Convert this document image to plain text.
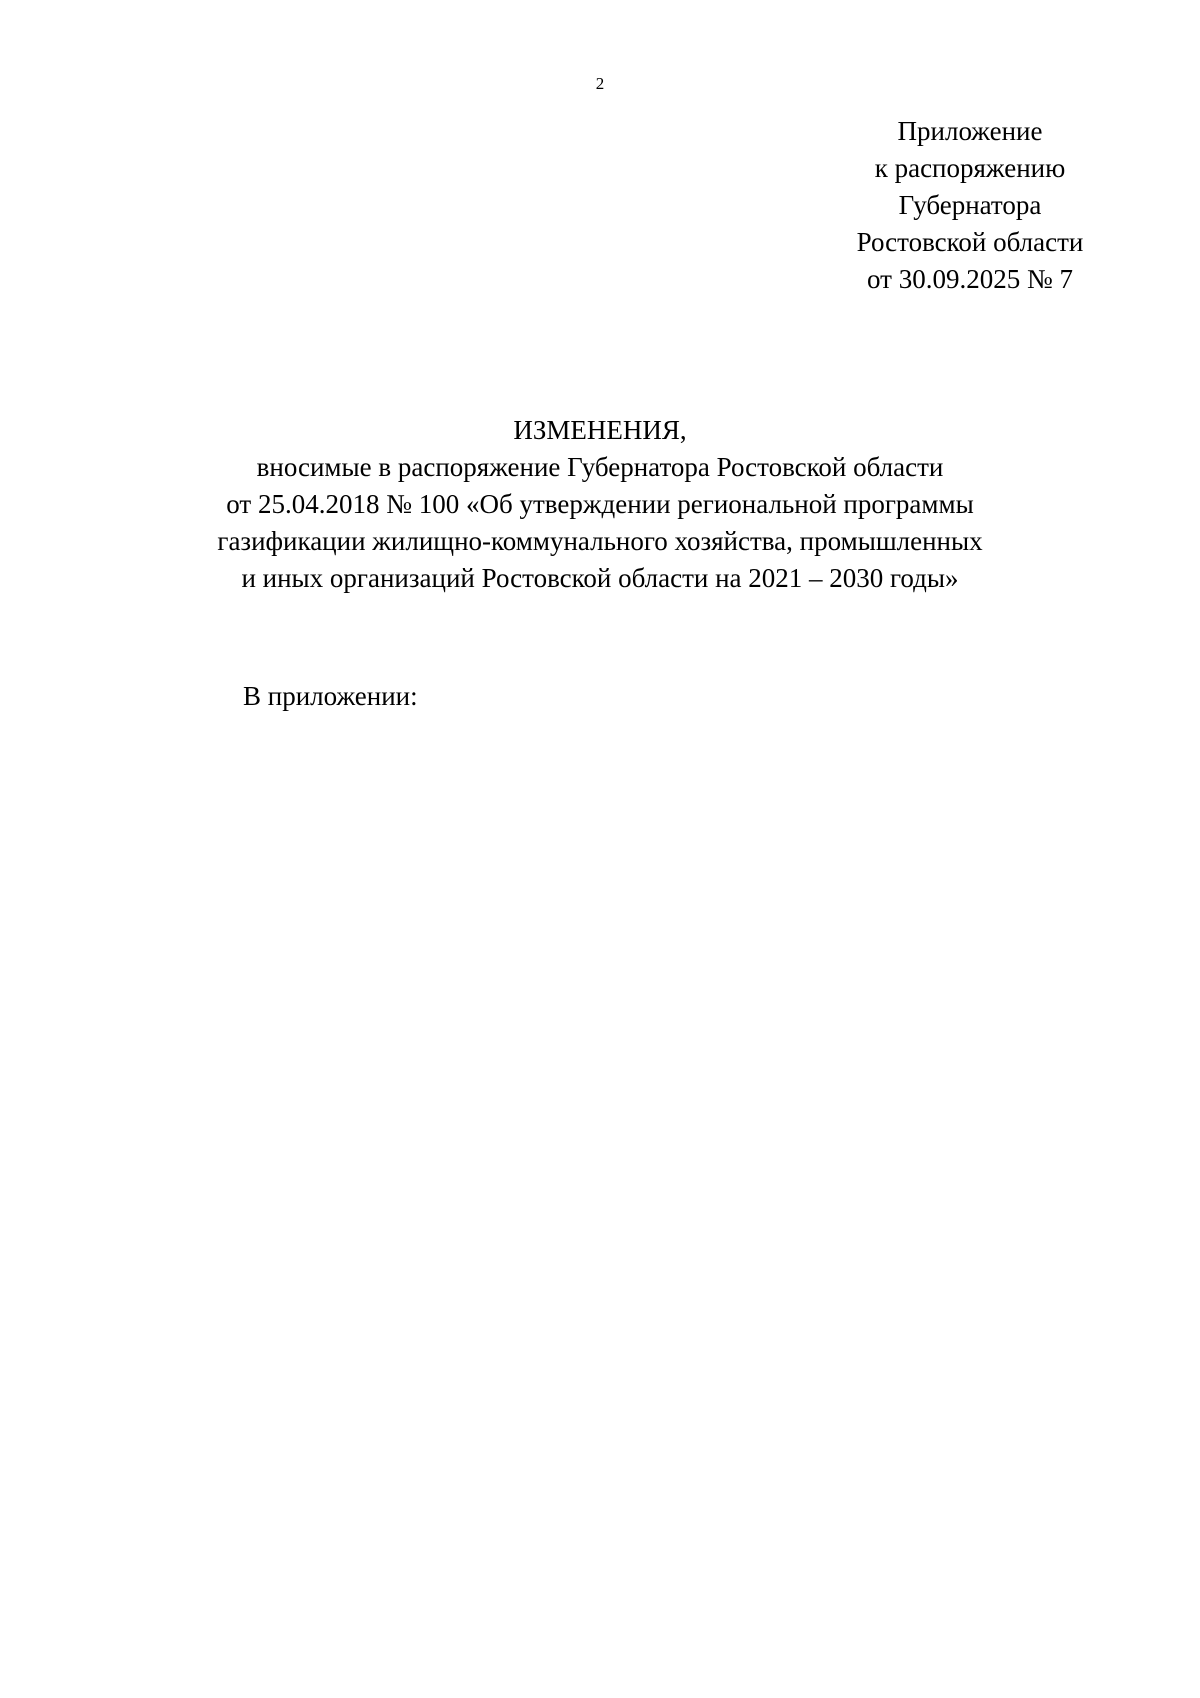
2
Приложение
к распоряжению
Губернатора
Ростовской области
от 30.09.2025 № 7
ИЗМЕНЕНИЯ,
вносимые в распоряжение Губернатора Ростовской области
от 25.04.2018 № 100 «Об утверждении региональной программы
газификации жилищно-коммунального хозяйства, промышленных
и иных организаций Ростовской области на 2021 – 2030 годы»
В приложении:
